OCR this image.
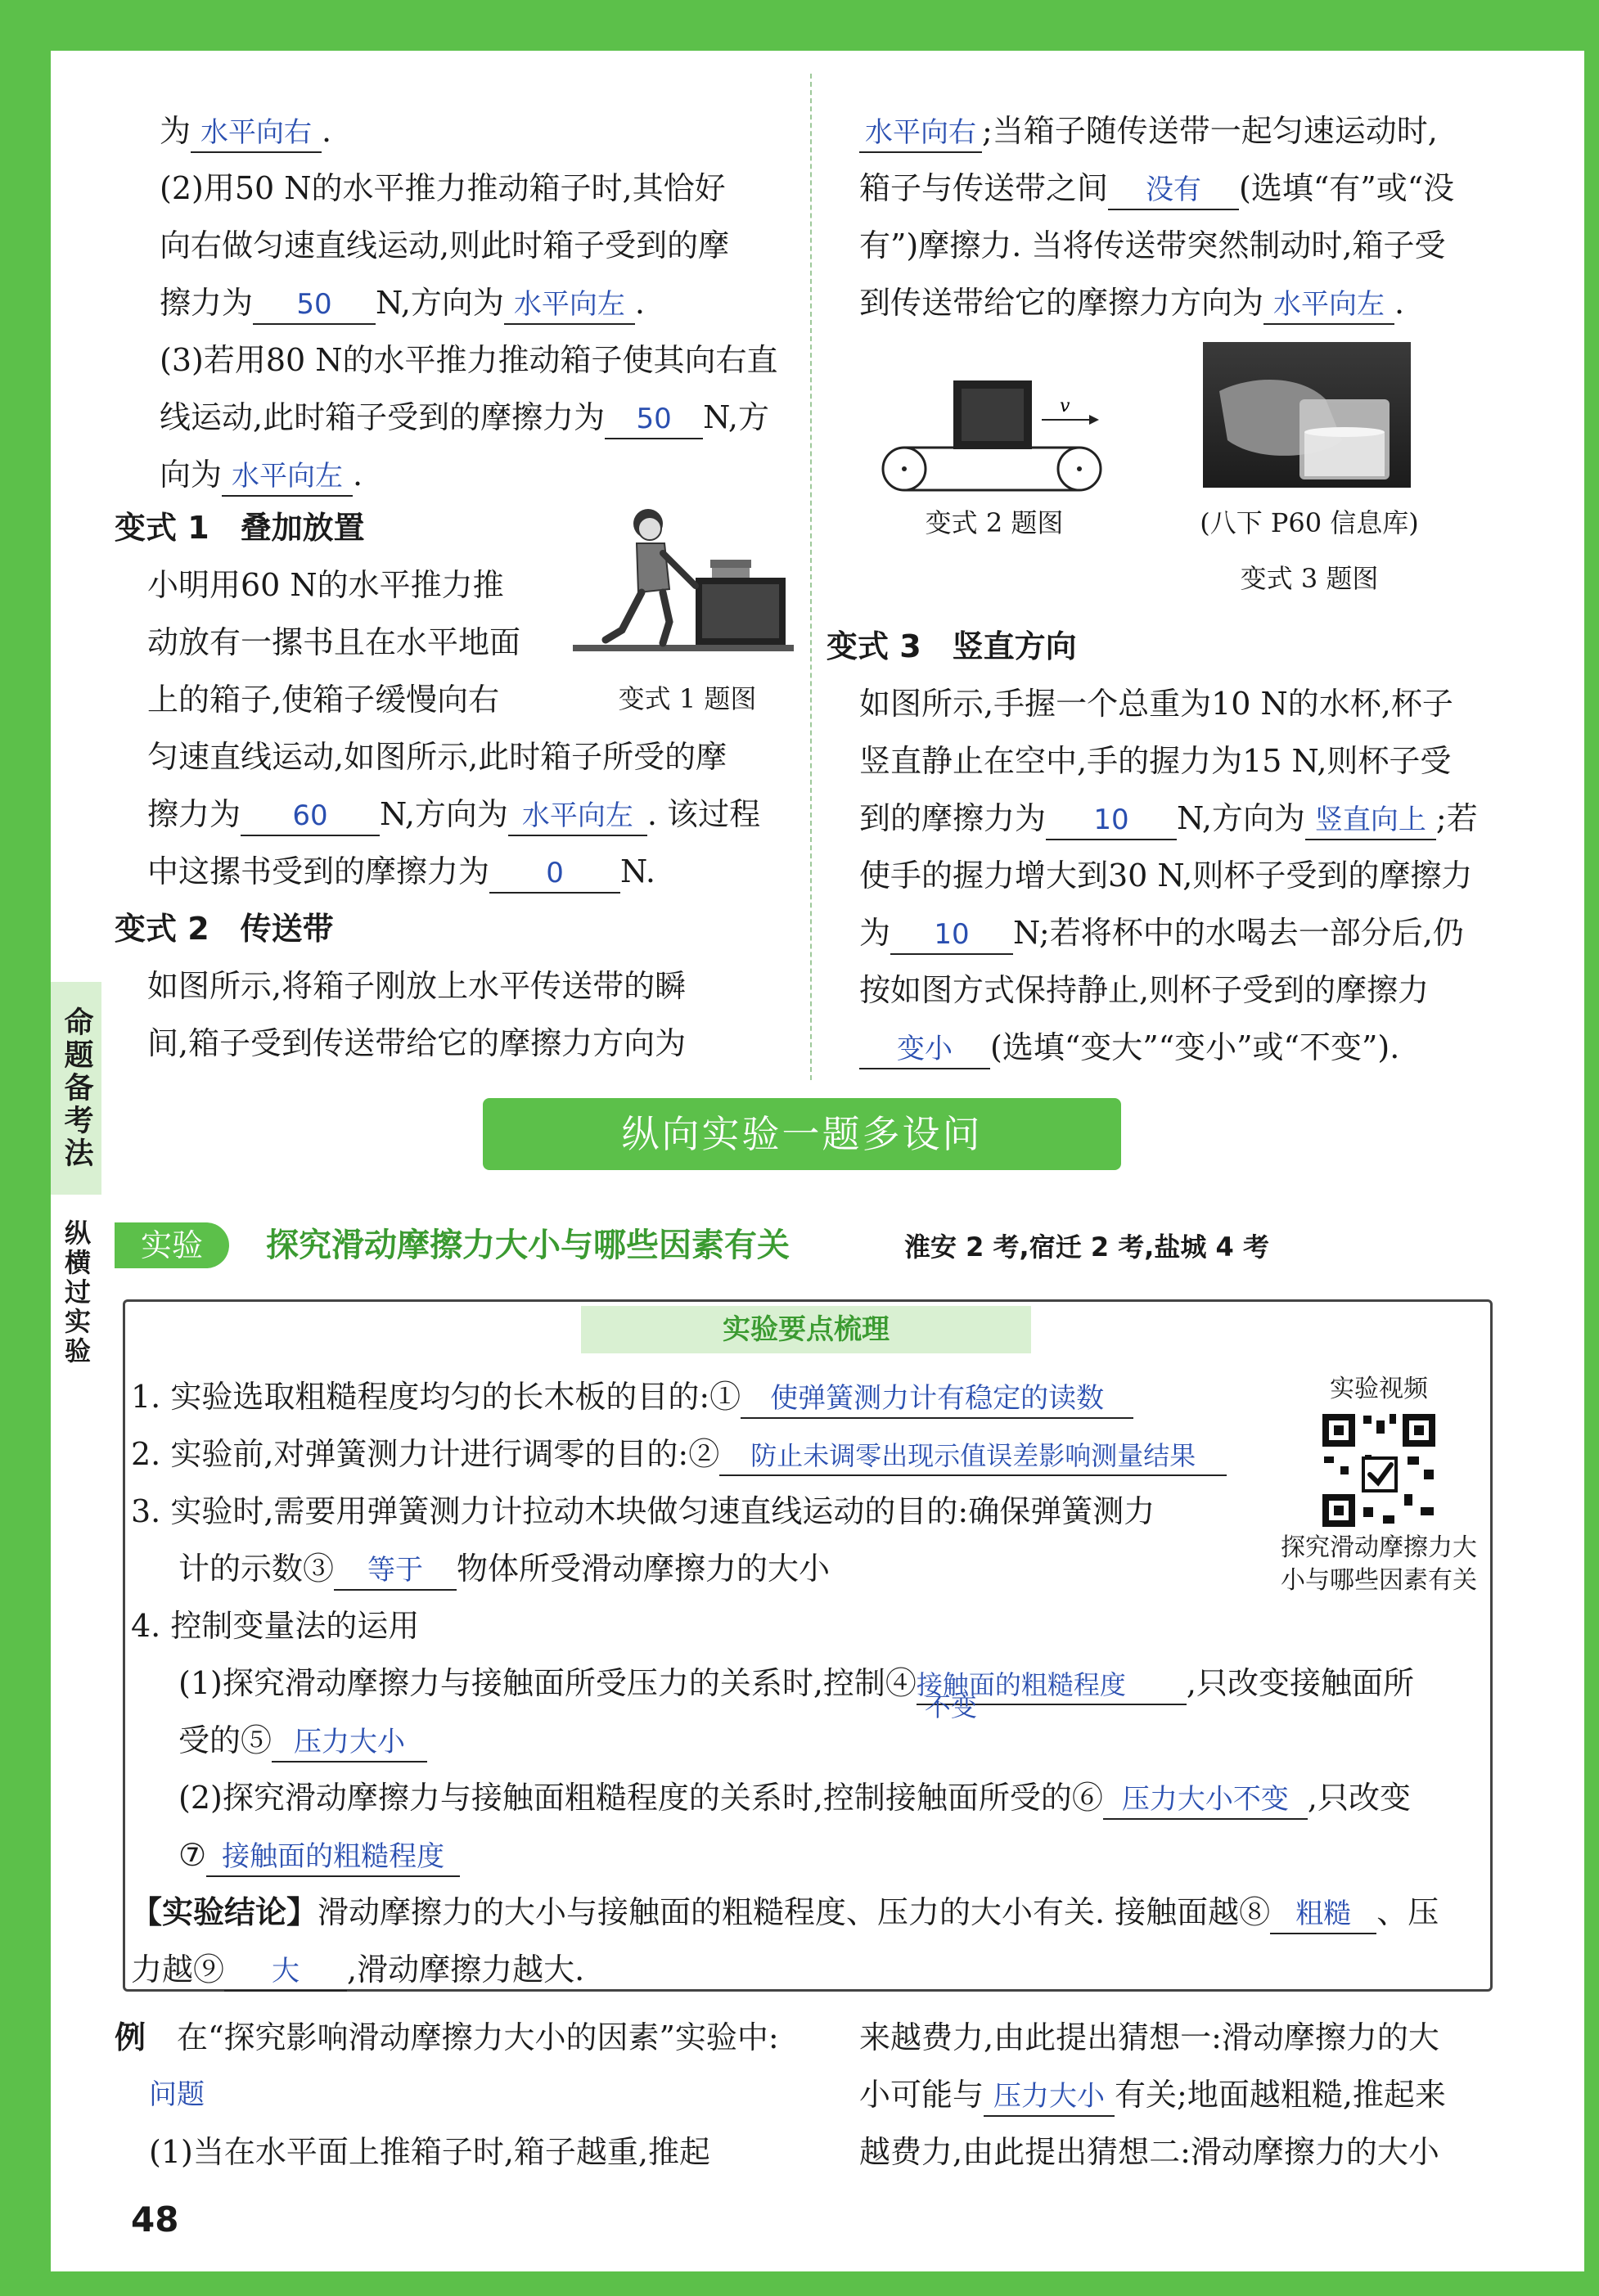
为 水平向右 .

(2)用50 N的水平推力推动箱子时,其恰好

向右做匀速直线运动,则此时箱子受到的摩

擦力为 50 N,方向为 水平向左 .

(3)若用80 N的水平推力推动箱子使其向右直

线运动,此时箱子受到的摩擦力为 50 N,方

向为 水平向左 .

变式 1　叠加放置

小明用60 N的水平推力推

动放有一摞书且在水平地面

上的箱子,使箱子缓慢向右

匀速直线运动,如图所示,此时箱子所受的摩

擦力为 60 N,方向为 水平向左 . 该过程

中这摞书受到的摩擦力为 0 N.

变式 1 题图

变式 2　传送带

如图所示,将箱子刚放上水平传送带的瞬

间,箱子受到传送带给它的摩擦力方向为

水平向右 ;当箱子随传送带一起匀速运动时,

箱子与传送带之间 没有 (选填“有”或“没

有”)摩擦力. 当将传送带突然制动时,箱子受

到传送带给它的摩擦力方向为 水平向左 .

v
变式 2 题图	(八下 P60 信息库)
变式 3 题图

变式 3　竖直方向

如图所示,手握一个总重为10 N的水杯,杯子

竖直静止在空中,手的握力为15 N,则杯子受

到的摩擦力为 10 N,方向为 竖直向上 ;若

使手的握力增大到30 N,则杯子受到的摩擦力

为 10 N;若将杯中的水喝去一部分后,仍

按如图方式保持静止,则杯子受到的摩擦力

变小 (选填“变大”“变小”或“不变”).

命题备考法
纵横过实验
纵向实验一题多设问
实验	探究滑动摩擦力大小与哪些因素有关	淮安 2 考,宿迁 2 考,盐城 4 考
实验要点梳理

1. 实验选取粗糙程度均匀的长木板的目的:① 使弹簧测力计有稳定的读数

2. 实验前,对弹簧测力计进行调零的目的:② 防止未调零出现示值误差影响测量结果

3. 实验时,需要用弹簧测力计拉动木块做匀速直线运动的目的:确保弹簧测力

计的示数③ 等于 物体所受滑动摩擦力的大小

4. 控制变量法的运用

(1)探究滑动摩擦力与接触面所受压力的关系时,控制④接触面的粗糙程度
不变
,只改变接触面所

受的⑤ 压力大小

(2)探究滑动摩擦力与接触面粗糙程度的关系时,控制接触面所受的⑥ 压力大小不变 ,只改变

⑦ 接触面的粗糙程度

【实验结论】滑动摩擦力的大小与接触面的粗糙程度、压力的大小有关. 接触面越⑧ 粗糙 、压

力越⑨ 大 ,滑动摩擦力越大.

实验视频
探究滑动摩擦力大
小与哪些因素有关

例　 在“探究影响滑动摩擦力大小的因素”实验中:

问题

(1)当在水平面上推箱子时,箱子越重,推起

来越费力,由此提出猜想一:滑动摩擦力的大

小可能与 压力大小 有关;地面越粗糙,推起来

越费力,由此提出猜想二:滑动摩擦力的大小

48
